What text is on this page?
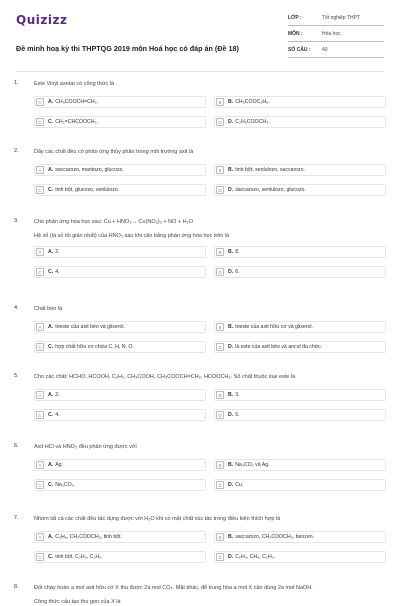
Quizizz
Đề minh hoạ kỳ thi THPTQG 2019 môn Hoá học có đáp án (Đề 18)
LỚP :	Tốt nghiệp THPT
MÔN :	Hóa học
SỐ CÂU :	40
1.	Este Vinyl axetat có công thức là
A	A. CH₃COOCH=CH₂.	B	B. CH₃COOC₂H₅.
C	C. CH₂=CHCOOCH₃.	D	D. C₂H₅COOCH₃.
2.	Dãy các chất đều có phản ứng thủy phân trong môi trường axit là
A	A. saccarozo, mantozo, glucozo.	B	B. tinh bột, xenlulozo, saccarozo.
C	C. tinh bột, glucozo, xenlulozo.	D	D. saccarozo, xenlulozo, glucozo.
3.	Cho phản ứng hóa học sau: Cu + HNO₃→ Cu(NO₃)₂ + NO + H₂O
Hệ số (là số tối giản nhất) của HNO₃ sau khi cân bằng phản ứng hóa học trên là
A	A. 2.	B	B. 8.
C	C. 4.	D	D. 6.
4.	Chất béo là
A	A. trieste của axit béo và glixerol.	B	B. trieste của axit hữu cơ và glixerol.
C	C. hợp chất hữu cơ chứa C, H, N, O.	D	D. là este của axit béo và ancol đa chức.
5.	Cho các chất: HCHO, HCOOH, C₂H₂, CH₃COOH, CH₃COOCH=CH₂, HCOOCH₃. Số chất thuộc loại este là
A	A. 2.	B	B. 3.
C	C. 4.	D	D. 5.
6.	Axit HCl và HNO₃ đều phản ứng được với
A	A. Ag.	B	B. Na₂CO₃ và Ag.
C	C. Na₂CO₃.	D	D. Cu.
7.	Nhóm tất cả các chất đều tác dụng được với H₂O khi có mặt chất xúc tác trong điều kiện thích hợp là
A	A. C₂H₆, CH₃COOCH₃, tinh bột.	B	B. saccarozo, CH₃COOCH₃, benzen.
C	C. tinh bột, C₂H₄, C₂H₂.	D	D. C₂H₄, CH₄, C₂H₂.
8.	Đốt cháy hoàn a mol axit hữu cơ X thu được 2a mol CO₂. Mặt khác, để trung hòa a mol X cần dùng 2a mol NaOH.
Công thức cấu tạo thu gọn của X là
